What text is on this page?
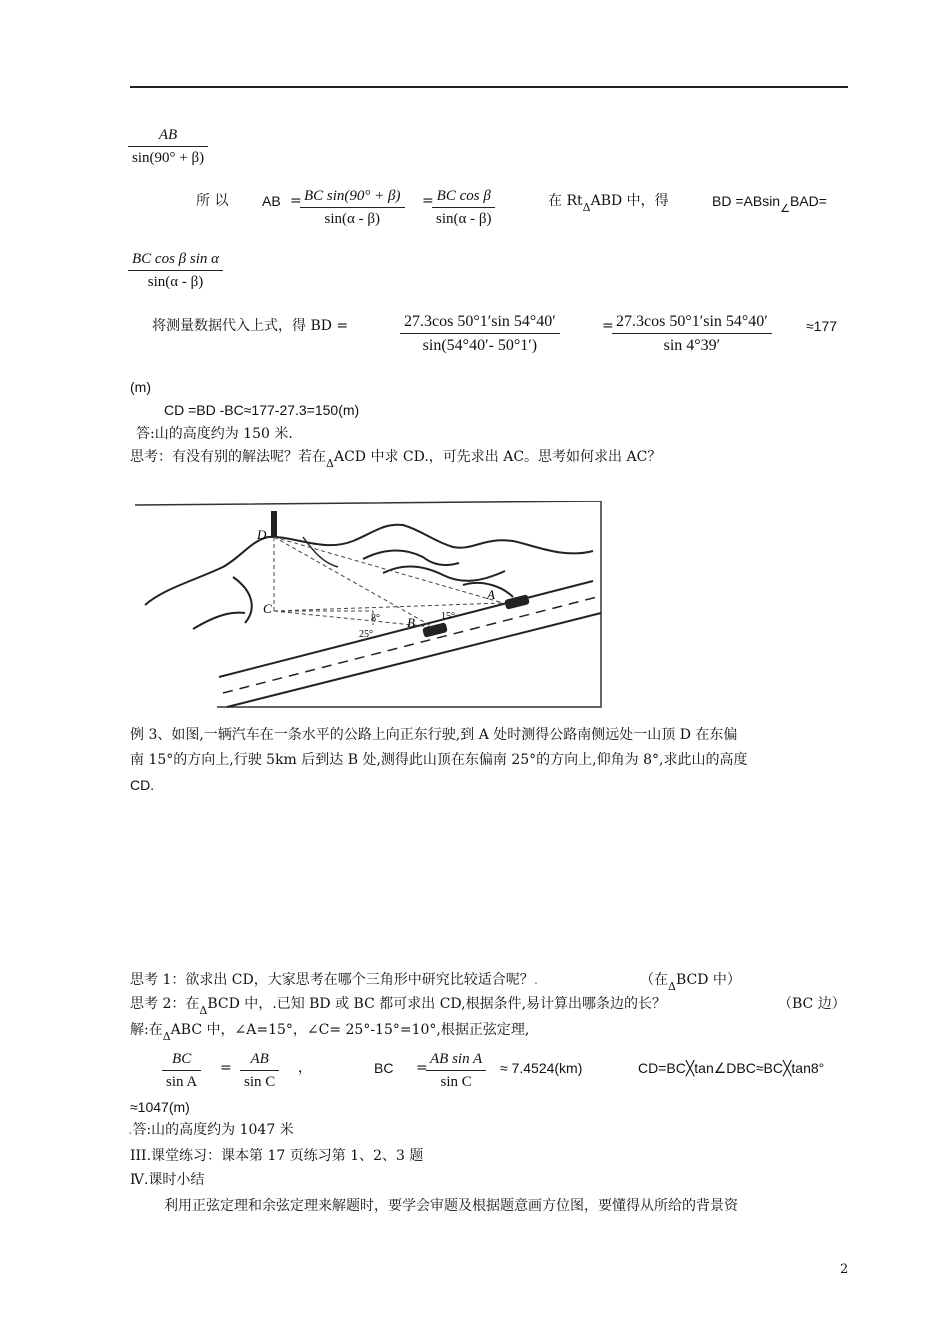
$\frac{AB}{\sin(90^\circ + \beta)}$
所 以 AB =
$\frac{\text{BC sin(90° + β)}}{\sin(\alpha - \beta)}$ =
$\frac{\text{BC cos β}}{\sin(\alpha - \beta)}$	在 $Rt_\Delta ABD$ 中，得	BD =ABsin$_\angle$BAD=
$\frac{\text{BC cos β sin α}}{\sin(\alpha - \beta)}$
将测量数据代入上式，得 BD =	$\frac{27.3\cos 50^\circ 1'\sin 54^\circ 40'}{\sin(54^\circ 40'- 50^\circ 1')}$	=
$\frac{27.3\cos 50^\circ 1'\sin 54^\circ 40'}{\sin 4^\circ 39'} \approx 177$
(m)
CD =BD -BC≈177-27.3=150(m)
答:山的高度约为 150 米.
思考：有没有别的解法呢？若在$_\Delta$ACD 中求 CD.，可先求出 AC。思考如何求出 AC？
D
C
B
A
8°
25°
15°
例 3、如图,一辆汽车在一条水平的公路上向正东行驶,到 A 处时测得公路南侧远处一山顶 D 在东偏
南 15°的方向上,行驶 5km 后到达 B 处,测得此山顶在东偏南 25°的方向上,仰角为 8°,求此山的高度
CD.
思考 1：欲求出 CD，大家思考在哪个三角形中研究比较适合呢？.	（在$_\Delta$BCD 中）
思考 2：在$_\Delta$BCD 中，.已知 BD 或 BC 都可求出 CD,根据条件,易计算出哪条边的长？	（BC 边）
解:在$_\Delta$ABC 中，∠A=15°，∠C= 25°-15°=10°,根据正弦定理,
$\frac{BC}{\text{sin A}} = \frac{AB}{\text{sin C}}$ ，	BC =
$\frac{\text{AB sin A}}{\text{sin C}} \approx 7.4524(km)$	CD=BC╳tan∠DBC≈BC╳tan8°
≈1047(m)
.答:山的高度约为 1047 米
III.课堂练习：课本第 17 页练习第 1、2、3 题
Ⅳ.课时小结
利用正弦定理和余弦定理来解题时，要学会审题及根据题意画方位图，要懂得从所给的背景资
2
